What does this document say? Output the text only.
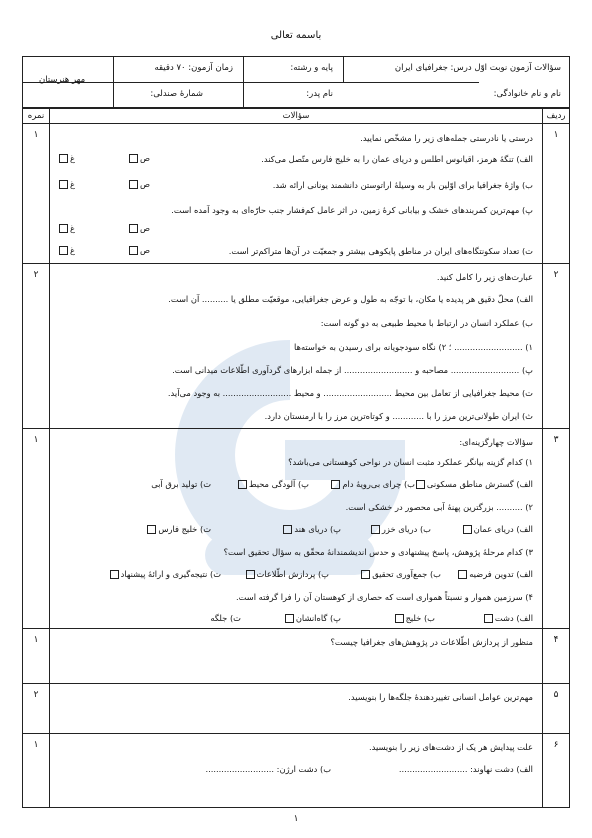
باسمه تعالی
سؤالات آزمون نوبت اوّل درس: جغرافیای ایران
پایه و رشته:
زمان آزمون: ۷۰ دقیقه
مهر هنرستان
نام و نام خانوادگی:
نام پدر:
شمارهٔ صندلی:
ردیف
سؤالات
نمره
۱
۱	درستی یا نادرستی جمله‌های زیر را مشخّص نمایید.
الف) تنگهٔ هرمز، اقیانوس اطلس و دریای عمان را به خلیج فارس متّصل می‌کند.
ص
غ
ب) واژهٔ جغرافیا برای اوّلین بار به وسیلهٔ اراتوستن دانشمند یونانی ارائه شد.
ص
غ
پ) مهم‌ترین کمربندهای خشک و بیابانی کرهٔ زمین، در اثر عامل کم‌فشار جنب حارّه‌ای به وجود آمده است.
ص
غ
ت) تعداد سکونتگاه‌های ایران در مناطق پایکوهی بیشتر و جمعیّت در آن‌ها متراکم‌تر است.
ص
غ
۲
۲	عبارت‌های زیر را کامل کنید.
الف) محلّ دقیق هر پدیده یا مکان، با توجّه به طول و عرض جغرافیایی، موقعیّت مطلق یا .......... آن است.
ب) عملکرد انسان در ارتباط با محیط طبیعی به دو گونه است:
۱) .......................... ؛ ۲) نگاه سودجویانه برای رسیدن به خواسته‌ها
پ) .......................... مصاحبه و .......................... از جمله ابزارهای گردآوری اطّلاعات میدانی است.
ت) محیط جغرافیایی از تعامل بین محیط .......................... و محیط .......................... به وجود می‌آید.
ث) ایران طولانی‌ترین مرز را با ............ و کوتاه‌ترین مرز را با ارمنستان دارد.
۳
۱	سؤالات چهارگزینه‌ای:
۱) کدام گزینه بیانگر عملکرد مثبت انسان در نواحی کوهستانی می‌باشد؟
الف) گسترش مناطق مسکونی
ب) چرای بی‌رویهٔ دام
پ) آلودگی محیط
ت) تولید برق آبی
۲) .......... بزرگترین پهنهٔ آبی محصور در خشکی است.
الف) دریای عمان
ب) دریای خزر
پ) دریای هند
ت) خلیج فارس
۳) کدام مرحلهٔ پژوهش، پاسخ پیشنهادی و حدس اندیشمندانهٔ محقّق به سؤال تحقیق است؟
الف) تدوین فرضیه
ب) جمع‌آوری تحقیق
پ) پردازش اطّلاعات
ت) نتیجه‌گیری و ارائهٔ پیشنهاد
۴) سرزمین هموار و نسبتاً همواری است که حصاری از کوهستان آن را فرا گرفته است.
الف) دشت
ب) خلیج
پ) گاه‌انشان
ت) جلگه
۴
۱	منظور از پردازش اطّلاعات در پژوهش‌های جغرافیا چیست؟
۵
۲	مهم‌ترین عوامل انسانی تغییردهندهٔ جلگه‌ها را بنویسید.
۶
۱	علت پیدایش هر یک از دشت‌های زیر را بنویسید.
الف) دشت نهاوند: ..........................
ب) دشت ارژن: ..........................
۱
